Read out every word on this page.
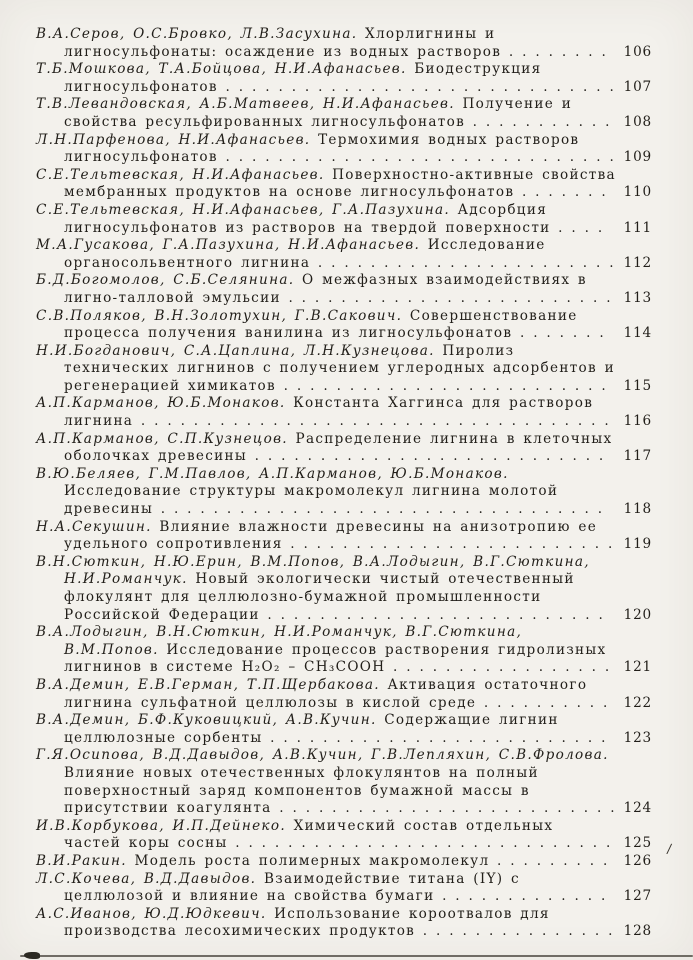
В.А.Серов, О.С.Бровко, Л.В.Засухина. Хлорлигнины и лигносульфонаты: осаждение из водных растворов . . . . . . . .	106
Т.Б.Мошкова, Т.А.Бойцова, Н.И.Афанасьев. Биодеструкция лигносульфонатов . . . . . . . . . . . . . . . . . . . . . . . . . . . . . . 107
Т.В.Левандовская, А.Б.Матвеев, Н.И.Афанасьев. Получение и свойства ресульфированных лигносульфонатов . . . . . . . . . . . 108
Л.Н.Парфенова, Н.И.Афанасьев. Термохимия водных растворов лигносульфонатов . . . . . . . . . . . . . . . . . . . . . . . . . . . . . . 109
С.Е.Тельтевская, Н.И.Афанасьев. Поверхностно-активные свойства мембранных продуктов на основе лигносульфонатов . . . . . . .	110
С.Е.Тельтевская, Н.И.Афанасьев, Г.А.Пазухина. Адсорбция лигносульфонатов из растворов на твердой поверхности . . . .	111
М.А.Гусакова, Г.А.Пазухина, Н.И.Афанасьев. Исследование органосольвентного лигнина . . . . . . . . . . . . . . . . . . . . . . . 112
Б.Д.Богомолов, С.Б.Селянина. О межфазных взаимодействиях в лигно-талловой эмульсии . . . . . . . . . . . . . . . . . . . . . . . . . 113
С.В.Поляков, В.Н.Золотухин, Г.В.Сакович. Совершенствование процесса получения ванилина из лигносульфонатов . . . . . . .	114
Н.И.Богданович, С.А.Цаплина, Л.Н.Кузнецова. Пиролиз технических лигнинов с получением углеродных адсорбентов и регенерацией химикатов . . . . . . . . . . . . . . . . . . . . . . . . .	115
А.П.Карманов, Ю.Б.Монаков. Константа Хаггинса для растворов лигнина . . . . . . . . . . . . . . . . . . . . . . . . . . . . . . . . . . . .	116
А.П.Карманов, С.П.Кузнецов. Распределение лигнина в клеточных оболочках древесины . . . . . . . . . . . . . . . . . . . . . . . . . . .	117
В.Ю.Беляев, Г.М.Павлов, А.П.Карманов, Ю.Б.Монаков. Исследование структуры макромолекул лигнина молотой древесины . . . . . . . . . . . . . . . . . . . . . . . . . . . . . . . . . .	118
Н.А.Секушин. Влияние влажности древесины на анизотропию ее удельного сопротивления . . . . . . . . . . . . . . . . . . . . . . . . . 119
В.Н.Сюткин, Н.Ю.Ерин, В.М.Попов, В.А.Лодыгин, В.Г.Сюткина, Н.И.Романчук. Новый экологически чистый отечественный флокулянт для целлюлозно-бумажной промышленности Российской Федерации . . . . . . . . . . . . . . . . . . . . . . . . . .	120
В.А.Лодыгин, В.Н.Сюткин, Н.И.Романчук, В.Г.Сюткина, В.М.Попов. Исследование процессов растворения гидролизных лигнинов в системе H₂O₂ – CH₃COOH . . . . . . . . . . . . . . . . . 121
В.А.Демин, Е.В.Герман, Т.П.Щербакова. Активация остаточного лигнина сульфатной целлюлозы в кислой среде . . . . . . . . . .	122
В.А.Демин, Б.Ф.Куковицкий, А.В.Кучин. Содержащие лигнин целлюлозные сорбенты . . . . . . . . . . . . . . . . . . . . . . . . . .	123
Г.Я.Осипова, В.Д.Давыдов, А.В.Кучин, Г.В.Лепляхин, С.В.Фролова. Влияние новых отечественных флокулянтов на полный поверхностный заряд компонентов бумажной массы в присутствии коагулянта . . . . . . . . . . . . . . . . . . . . . . . . . . 124
И.В.Корбукова, И.П.Дейнеко. Химический состав отдельных частей коры сосны . . . . . . . . . . . . . . . . . . . . . . . . . . . . . 125
В.И.Ракин. Модель роста полимерных макромолекул . . . . . . . . .	126
Л.С.Кочева, В.Д.Давыдов. Взаимодействие титана (IY) с целлюлозой и влияние на свойства бумаги . . . . . . . . . . . . .	127
А.С.Иванов, Ю.Д.Юдкевич. Использование короотвалов для производства лесохимических продуктов . . . . . . . . . . . . . . . 128
/
